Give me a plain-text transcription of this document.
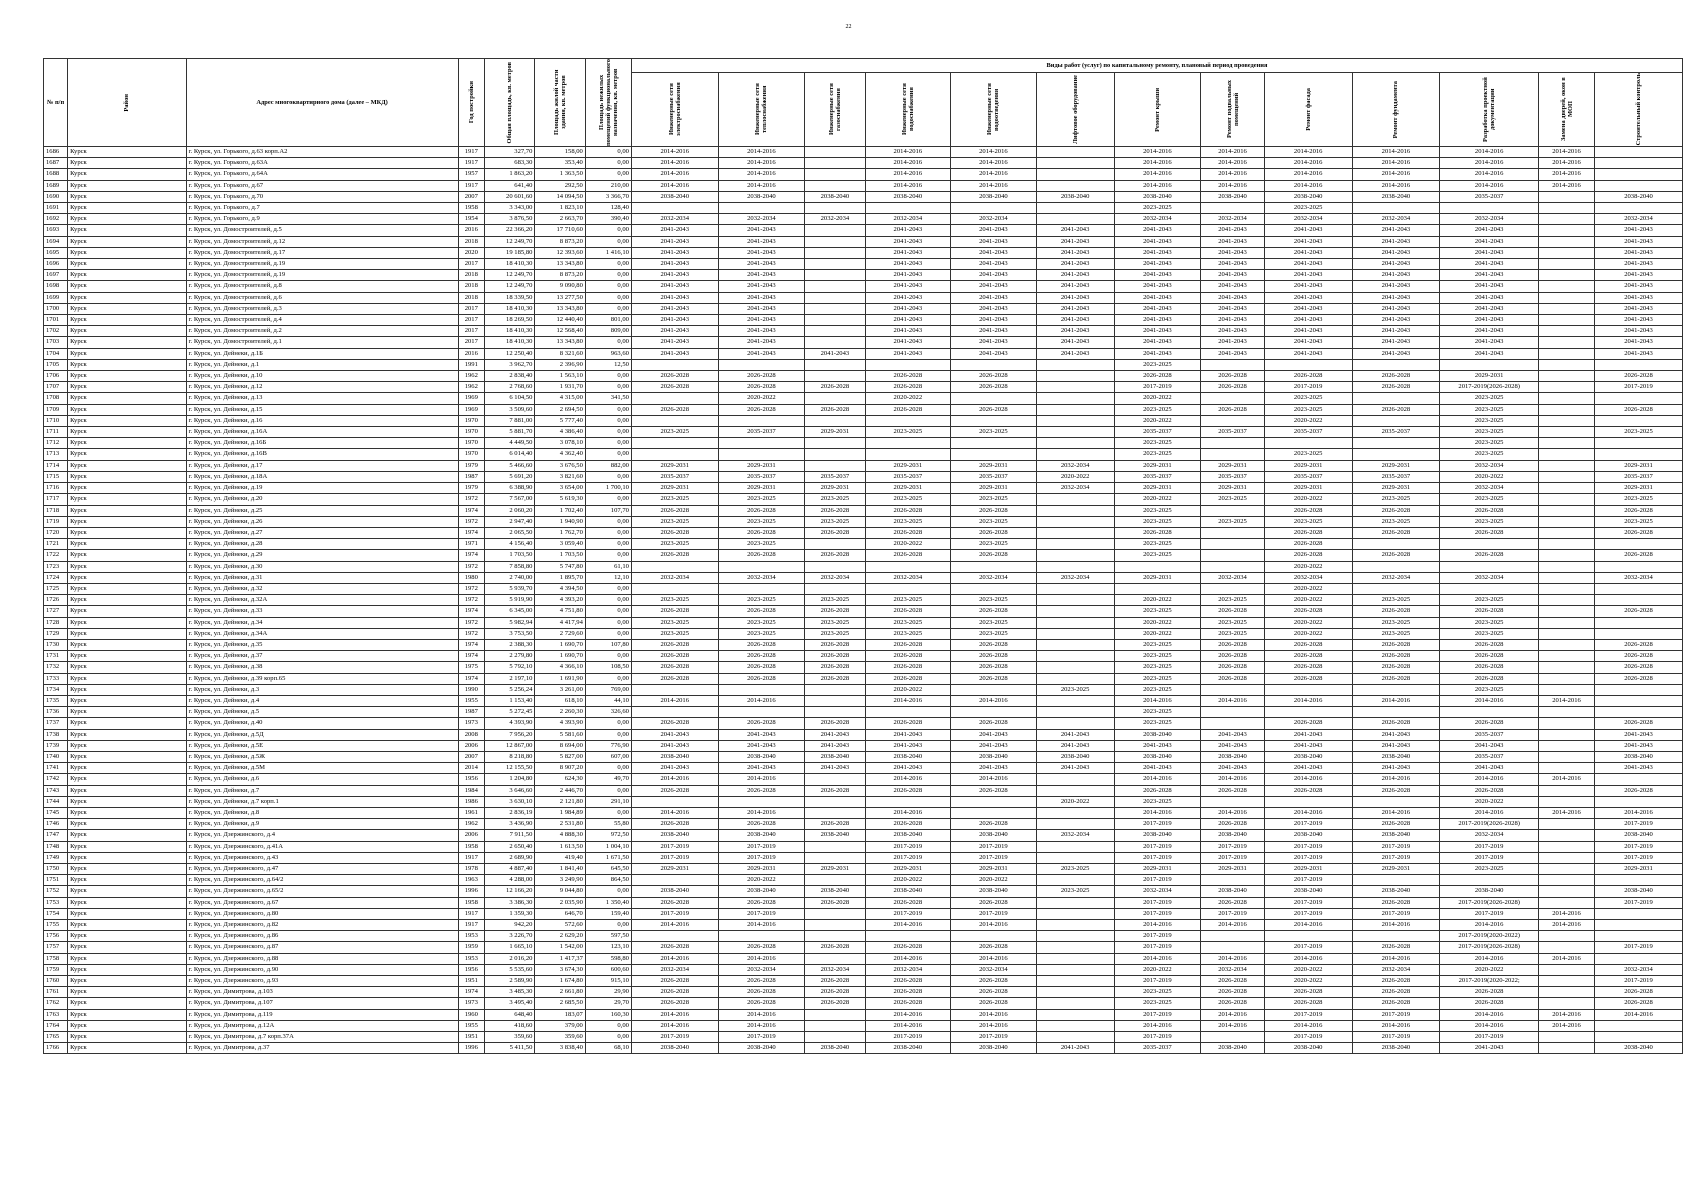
22
№ п/п	Район	Адрес многоквартирного дома (далее – МКД)	Год постройки	Общая площадь, кв. метров	Площадь жилой части здания, кв. метров	Площадь нежилых помещений функционального назначения, кв. метров	Виды работ (услуг) по капитальному ремонту, плановый период проведения												

							Инженерные сети электроснабжения	Инженерные сети теплоснабжения	Инженерные сети газоснабжения	Инженерные сети водоснабжения	Инженерные сети водоотведения	Лифтовое оборудование	Ремонт крыши	Ремонт подвальных помещений	Ремонт фасада	Ремонт фундамента	Разработка проектной документации	Замена дверей, окон в МОП	Строительный контроль

1686	Курск	г. Курск, ул. Горького, д.63 корп.А2	1917	327,70	158,00	0,00	2014-2016	2014-2016		2014-2016	2014-2016		2014-2016	2014-2016	2014-2016	2014-2016	2014-2016	2014-2016	
1687	Курск	г. Курск, ул. Горького, д.63А	1917	683,30	353,40	0,00	2014-2016	2014-2016		2014-2016	2014-2016		2014-2016	2014-2016	2014-2016	2014-2016	2014-2016	2014-2016	
1688	Курск	г. Курск, ул. Горького, д.64А	1957	1 863,20	1 363,50	0,00	2014-2016	2014-2016		2014-2016	2014-2016		2014-2016	2014-2016	2014-2016	2014-2016	2014-2016	2014-2016	
1689	Курск	г. Курск, ул. Горького, д.67	1917	641,40	292,50	210,00	2014-2016	2014-2016		2014-2016	2014-2016		2014-2016	2014-2016	2014-2016	2014-2016	2014-2016	2014-2016	
1690	Курск	г. Курск, ул. Горького, д.70	2007	20 601,60	14 094,50	3 366,70	2038-2040	2038-2040	2038-2040	2038-2040	2038-2040	2038-2040	2038-2040	2038-2040	2038-2040	2038-2040	2035-2037		2038-2040
1691	Курск	г. Курск, ул. Горького, д.7	1958	3 343,00	1 823,10	128,40							2023-2025		2023-2025				
1692	Курск	г. Курск, ул. Горького, д.9	1954	3 876,50	2 663,70	390,40	2032-2034	2032-2034	2032-2034	2032-2034	2032-2034		2032-2034	2032-2034	2032-2034	2032-2034	2032-2034		2032-2034
1693	Курск	г. Курск, ул. Домостроителей, д.5	2016	22 366,20	17 710,60	0,00	2041-2043	2041-2043		2041-2043	2041-2043	2041-2043	2041-2043	2041-2043	2041-2043	2041-2043	2041-2043		2041-2043
1694	Курск	г. Курск, ул. Домостроителей, д.12	2018	12 249,70	8 873,20	0,00	2041-2043	2041-2043		2041-2043	2041-2043	2041-2043	2041-2043	2041-2043	2041-2043	2041-2043	2041-2043		2041-2043
1695	Курск	г. Курск, ул. Домостроителей, д.17	2020	19 185,80	12 393,60	1 416,10	2041-2043	2041-2043		2041-2043	2041-2043	2041-2043	2041-2043	2041-2043	2041-2043	2041-2043	2041-2043		2041-2043
1696	Курск	г. Курск, ул. Домостроителей, д.19	2017	18 410,30	13 343,80	0,00	2041-2043	2041-2043		2041-2043	2041-2043	2041-2043	2041-2043	2041-2043	2041-2043	2041-2043	2041-2043		2041-2043
1697	Курск	г. Курск, ул. Домостроителей, д.19	2018	12 249,70	8 873,20	0,00	2041-2043	2041-2043		2041-2043	2041-2043	2041-2043	2041-2043	2041-2043	2041-2043	2041-2043	2041-2043		2041-2043
1698	Курск	г. Курск, ул. Домостроителей, д.8	2018	12 249,70	9 090,80	0,00	2041-2043	2041-2043		2041-2043	2041-2043	2041-2043	2041-2043	2041-2043	2041-2043	2041-2043	2041-2043		2041-2043
1699	Курск	г. Курск, ул. Домостроителей, д.6	2018	18 339,50	13 277,50	0,00	2041-2043	2041-2043		2041-2043	2041-2043	2041-2043	2041-2043	2041-2043	2041-2043	2041-2043	2041-2043		2041-2043
1700	Курск	г. Курск, ул. Домостроителей, д.3	2017	18 410,30	13 343,80	0,00	2041-2043	2041-2043		2041-2043	2041-2043	2041-2043	2041-2043	2041-2043	2041-2043	2041-2043	2041-2043		2041-2043
1701	Курск	г. Курск, ул. Домостроителей, д.4	2017	18 269,50	12 440,40	801,00	2041-2043	2041-2043		2041-2043	2041-2043	2041-2043	2041-2043	2041-2043	2041-2043	2041-2043	2041-2043		2041-2043
1702	Курск	г. Курск, ул. Домостроителей, д.2	2017	18 410,30	12 568,40	809,00	2041-2043	2041-2043		2041-2043	2041-2043	2041-2043	2041-2043	2041-2043	2041-2043	2041-2043	2041-2043		2041-2043
1703	Курск	г. Курск, ул. Домостроителей, д.1	2017	18 410,30	13 343,80	0,00	2041-2043	2041-2043		2041-2043	2041-2043	2041-2043	2041-2043	2041-2043	2041-2043	2041-2043	2041-2043		2041-2043
1704	Курск	г. Курск, ул. Дейнеки, д.1Б	2016	12 250,40	8 321,60	963,60	2041-2043	2041-2043	2041-2043	2041-2043	2041-2043	2041-2043	2041-2043	2041-2043	2041-2043	2041-2043	2041-2043		2041-2043
1705	Курск	г. Курск, ул. Дейнеки, д.1	1991	3 962,70	2 396,90	12,50							2023-2025						
1706	Курск	г. Курск, ул. Дейнеки, д.10	1962	2 838,40	1 563,10	0,00	2026-2028	2026-2028		2026-2028	2026-2028		2026-2028	2026-2028	2026-2028	2026-2028	2029-2031		2026-2028
1707	Курск	г. Курск, ул. Дейнеки, д.12	1962	2 768,60	1 931,70	0,00	2026-2028	2026-2028	2026-2028	2026-2028	2026-2028		2017-2019	2026-2028	2017-2019	2026-2028	2017-2019(2026-2028)		2017-2019
1708	Курск	г. Курск, ул. Дейнеки, д.13	1969	6 104,50	4 315,00	341,50		2020-2022		2020-2022			2020-2022		2023-2025		2023-2025		
1709	Курск	г. Курск, ул. Дейнеки, д.15	1969	3 509,60	2 694,50	0,00	2026-2028	2026-2028	2026-2028	2026-2028	2026-2028		2023-2025	2026-2028	2023-2025	2026-2028	2023-2025		2026-2028
1710	Курск	г. Курск, ул. Дейнеки, д.16	1970	7 881,00	5 777,40	0,00							2020-2022		2020-2022		2023-2025		
1711	Курск	г. Курск, ул. Дейнеки, д.16А	1970	5 881,70	4 386,40	0,00	2023-2025	2035-2037	2029-2031	2023-2025	2023-2025		2035-2037	2035-2037	2035-2037	2035-2037	2023-2025		2023-2025
1712	Курск	г. Курск, ул. Дейнеки, д.16Б	1970	4 449,50	3 078,10	0,00							2023-2025				2023-2025		
1713	Курск	г. Курск, ул. Дейнеки, д.16В	1970	6 014,40	4 362,40	0,00							2023-2025		2023-2025		2023-2025		
1714	Курск	г. Курск, ул. Дейнеки, д.17	1979	5 466,60	3 676,50	882,00	2029-2031	2029-2031		2029-2031	2029-2031	2032-2034	2029-2031	2029-2031	2029-2031	2029-2031	2032-2034		2029-2031
1715	Курск	г. Курск, ул. Дейнеки, д.18А	1987	5 691,20	3 821,60	0,00	2035-2037	2035-2037	2035-2037	2035-2037	2035-2037	2020-2022	2035-2037	2035-2037	2035-2037	2035-2037	2020-2022		2035-2037
1716	Курск	г. Курск, ул. Дейнеки, д.19	1979	6 388,90	3 654,00	1 700,10	2029-2031	2029-2031	2029-2031	2029-2031	2029-2031	2032-2034	2029-2031	2029-2031	2029-2031	2029-2031	2032-2034		2029-2031
1717	Курск	г. Курск, ул. Дейнеки, д.20	1972	7 567,00	5 619,30	0,00	2023-2025	2023-2025	2023-2025	2023-2025	2023-2025		2020-2022	2023-2025	2020-2022	2023-2025	2023-2025		2023-2025
1718	Курск	г. Курск, ул. Дейнеки, д.25	1974	2 060,20	1 702,40	107,70	2026-2028	2026-2028	2026-2028	2026-2028	2026-2028		2023-2025		2026-2028	2026-2028	2026-2028		2026-2028
1719	Курск	г. Курск, ул. Дейнеки, д.26	1972	2 947,40	1 940,90	0,00	2023-2025	2023-2025	2023-2025	2023-2025	2023-2025		2023-2025	2023-2025	2023-2025	2023-2025	2023-2025		2023-2025
1720	Курск	г. Курск, ул. Дейнеки, д.27	1974	2 065,50	1 762,70	0,00	2026-2028	2026-2028	2026-2028	2026-2028	2026-2028		2026-2028		2026-2028	2026-2028	2026-2028		2026-2028
1721	Курск	г. Курск, ул. Дейнеки, д.28	1971	4 156,40	3 059,40	0,00	2023-2025	2023-2025		2020-2022	2023-2025		2023-2025		2026-2028				
1722	Курск	г. Курск, ул. Дейнеки, д.29	1974	1 703,50	1 703,50	0,00	2026-2028	2026-2028	2026-2028	2026-2028	2026-2028		2023-2025		2026-2028	2026-2028	2026-2028		2026-2028
1723	Курск	г. Курск, ул. Дейнеки, д.30	1972	7 858,80	5 747,80	61,10									2020-2022				
1724	Курск	г. Курск, ул. Дейнеки, д.31	1980	2 740,00	1 895,70	12,10	2032-2034	2032-2034	2032-2034	2032-2034	2032-2034	2032-2034	2029-2031	2032-2034	2032-2034	2032-2034	2032-2034		2032-2034
1725	Курск	г. Курск, ул. Дейнеки, д.32	1972	5 939,70	4 394,50	0,00									2020-2022				
1726	Курск	г. Курск, ул. Дейнеки, д.32А	1972	5 919,90	4 393,20	0,00	2023-2025	2023-2025	2023-2025	2023-2025	2023-2025		2020-2022	2023-2025	2020-2022	2023-2025	2023-2025		
1727	Курск	г. Курск, ул. Дейнеки, д.33	1974	6 345,00	4 751,80	0,00	2026-2028	2026-2028	2026-2028	2026-2028	2026-2028		2023-2025	2026-2028	2026-2028	2026-2028	2026-2028		2026-2028
1728	Курск	г. Курск, ул. Дейнеки, д.34	1972	5 982,94	4 417,94	0,00	2023-2025	2023-2025	2023-2025	2023-2025	2023-2025		2020-2022	2023-2025	2020-2022	2023-2025	2023-2025		
1729	Курск	г. Курск, ул. Дейнеки, д.34А	1972	3 753,50	2 729,60	0,00	2023-2025	2023-2025	2023-2025	2023-2025	2023-2025		2020-2022	2023-2025	2020-2022	2023-2025	2023-2025		
1730	Курск	г. Курск, ул. Дейнеки, д.35	1974	2 388,30	1 690,70	107,80	2026-2028	2026-2028	2026-2028	2026-2028	2026-2028		2023-2025	2026-2028	2026-2028	2026-2028	2026-2028		2026-2028
1731	Курск	г. Курск, ул. Дейнеки, д.37	1974	2 279,80	1 690,70	0,00	2026-2028	2026-2028	2026-2028	2026-2028	2026-2028		2023-2025	2026-2028	2026-2028	2026-2028	2026-2028		2026-2028
1732	Курск	г. Курск, ул. Дейнеки, д.38	1975	5 792,10	4 366,10	108,50	2026-2028	2026-2028	2026-2028	2026-2028	2026-2028		2023-2025	2026-2028	2026-2028	2026-2028	2026-2028		2026-2028
1733	Курск	г. Курск, ул. Дейнеки, д.39 корп.65	1974	2 197,10	1 691,90	0,00	2026-2028	2026-2028	2026-2028	2026-2028	2026-2028		2023-2025	2026-2028	2026-2028	2026-2028	2026-2028		2026-2028
1734	Курск	г. Курск, ул. Дейнеки, д.3	1990	5 256,24	3 261,00	769,00				2020-2022		2023-2025	2023-2025				2023-2025		
1735	Курск	г. Курск, ул. Дейнеки, д.4	1955	1 153,40	618,10	44,10	2014-2016	2014-2016		2014-2016	2014-2016		2014-2016	2014-2016	2014-2016	2014-2016	2014-2016	2014-2016	
1736	Курск	г. Курск, ул. Дейнеки, д.5	1987	5 272,45	2 260,30	326,60							2023-2025						
1737	Курск	г. Курск, ул. Дейнеки, д.40	1973	4 393,90	4 393,90	0,00	2026-2028	2026-2028	2026-2028	2026-2028	2026-2028		2023-2025		2026-2028	2026-2028	2026-2028		2026-2028
1738	Курск	г. Курск, ул. Дейнеки, д.5Д	2008	7 956,20	5 581,60	0,00	2041-2043	2041-2043	2041-2043	2041-2043	2041-2043	2041-2043	2038-2040	2041-2043	2041-2043	2041-2043	2035-2037		2041-2043
1739	Курск	г. Курск, ул. Дейнеки, д.5Е	2006	12 867,00	8 694,00	776,90	2041-2043	2041-2043	2041-2043	2041-2043	2041-2043	2041-2043	2041-2043	2041-2043	2041-2043	2041-2043	2041-2043		2041-2043
1740	Курск	г. Курск, ул. Дейнеки, д.5Ж	2007	8 218,80	5 827,00	607,00	2038-2040	2038-2040	2038-2040	2038-2040	2038-2040	2038-2040	2038-2040	2038-2040	2038-2040	2038-2040	2035-2037		2038-2040
1741	Курск	г. Курск, ул. Дейнеки, д.5М	2014	12 155,50	8 907,20	0,00	2041-2043	2041-2043	2041-2043	2041-2043	2041-2043	2041-2043	2041-2043	2041-2043	2041-2043	2041-2043	2041-2043		2041-2043
1742	Курск	г. Курск, ул. Дейнеки, д.6	1956	1 204,80	624,30	49,70	2014-2016	2014-2016		2014-2016	2014-2016		2014-2016	2014-2016	2014-2016	2014-2016	2014-2016	2014-2016	
1743	Курск	г. Курск, ул. Дейнеки, д.7	1984	3 646,60	2 446,70	0,00	2026-2028	2026-2028	2026-2028	2026-2028	2026-2028		2026-2028	2026-2028	2026-2028	2026-2028	2026-2028		2026-2028
1744	Курск	г. Курск, ул. Дейнеки, д.7 корп.1	1986	3 630,10	2 121,80	291,10						2020-2022	2023-2025				2020-2022		
1745	Курск	г. Курск, ул. Дейнеки, д.8	1961	2 836,19	1 984,89	0,00	2014-2016	2014-2016		2014-2016			2014-2016	2014-2016	2014-2016	2014-2016	2014-2016	2014-2016	2014-2016
1746	Курск	г. Курск, ул. Дейнеки, д.9	1962	3 436,90	2 531,80	55,80	2026-2028	2026-2028	2026-2028	2026-2028	2026-2028		2017-2019	2026-2028	2017-2019	2026-2028	2017-2019(2026-2028)		2017-2019
1747	Курск	г. Курск, ул. Дзержинского, д.4	2006	7 911,50	4 888,30	972,50	2038-2040	2038-2040	2038-2040	2038-2040	2038-2040	2032-2034	2038-2040	2038-2040	2038-2040	2038-2040	2032-2034		2038-2040
1748	Курск	г. Курск, ул. Дзержинского, д.41А	1958	2 650,40	1 613,50	1 004,10	2017-2019	2017-2019		2017-2019	2017-2019		2017-2019	2017-2019	2017-2019	2017-2019	2017-2019		2017-2019
1749	Курск	г. Курск, ул. Дзержинского, д.43	1917	2 689,90	419,40	1 671,50	2017-2019	2017-2019		2017-2019	2017-2019		2017-2019	2017-2019	2017-2019	2017-2019	2017-2019		2017-2019
1750	Курск	г. Курск, ул. Дзержинского, д.47	1978	4 887,40	1 841,40	645,50	2029-2031	2029-2031	2029-2031	2029-2031	2029-2031	2023-2025	2029-2031	2029-2031	2029-2031	2029-2031	2023-2025		2029-2031
1751	Курск	г. Курск, ул. Дзержинского, д.64/2	1963	4 288,00	3 249,90	864,50		2020-2022		2020-2022	2020-2022		2017-2019		2017-2019				
1752	Курск	г. Курск, ул. Дзержинского, д.65/2	1996	12 166,20	9 044,80	0,00	2038-2040	2038-2040	2038-2040	2038-2040	2038-2040	2023-2025	2032-2034	2038-2040	2038-2040	2038-2040	2038-2040		2038-2040
1753	Курск	г. Курск, ул. Дзержинского, д.67	1958	3 386,30	2 035,90	1 350,40	2026-2028	2026-2028	2026-2028	2026-2028	2026-2028		2017-2019	2026-2028	2017-2019	2026-2028	2017-2019(2026-2028)		2017-2019
1754	Курск	г. Курск, ул. Дзержинского, д.80	1917	1 359,30	646,70	159,40	2017-2019	2017-2019		2017-2019	2017-2019		2017-2019	2017-2019	2017-2019	2017-2019	2017-2019	2014-2016	
1755	Курск	г. Курск, ул. Дзержинского, д.82	1917	942,20	572,60	0,00	2014-2016	2014-2016		2014-2016	2014-2016		2014-2016	2014-2016	2014-2016	2014-2016	2014-2016	2014-2016	
1756	Курск	г. Курск, ул. Дзержинского, д.86	1953	3 226,70	2 629,20	597,50							2017-2019				2017-2019(2020-2022)		
1757	Курск	г. Курск, ул. Дзержинского, д.87	1959	1 665,10	1 542,00	123,10	2026-2028	2026-2028	2026-2028	2026-2028	2026-2028		2017-2019		2017-2019	2026-2028	2017-2019(2026-2028)		2017-2019
1758	Курск	г. Курск, ул. Дзержинского, д.88	1953	2 016,20	1 417,37	598,80	2014-2016	2014-2016		2014-2016	2014-2016		2014-2016	2014-2016	2014-2016	2014-2016	2014-2016	2014-2016	
1759	Курск	г. Курск, ул. Дзержинского, д.90	1956	5 535,60	3 674,30	600,60	2032-2034	2032-2034	2032-2034	2032-2034	2032-2034		2020-2022	2032-2034	2020-2022	2032-2034	2020-2022		2032-2034
1760	Курск	г. Курск, ул. Дзержинского, д.93	1951	2 589,90	1 674,80	915,10	2026-2028	2026-2028	2026-2028	2026-2028	2026-2028		2017-2019	2026-2028	2020-2022	2026-2028	2017-2019(2020-2022;		2017-2019
1761	Курск	г. Курск, ул. Димитрова, д.103	1974	3 485,30	2 661,80	29,90	2026-2028	2026-2028	2026-2028	2026-2028	2026-2028		2023-2025	2026-2028	2026-2028	2026-2028	2026-2028		2026-2028
1762	Курск	г. Курск, ул. Димитрова, д.107	1973	3 495,40	2 685,50	29,70	2026-2028	2026-2028	2026-2028	2026-2028	2026-2028		2023-2025	2026-2028	2026-2028	2026-2028	2026-2028		2026-2028
1763	Курск	г. Курск, ул. Димитрова, д.119	1960	648,40	183,07	160,30	2014-2016	2014-2016		2014-2016	2014-2016		2017-2019	2014-2016	2017-2019	2017-2019	2014-2016	2014-2016	2014-2016
1764	Курск	г. Курск, ул. Димитрова, д.12А	1955	418,60	379,00	0,00	2014-2016	2014-2016		2014-2016	2014-2016		2014-2016	2014-2016	2014-2016	2014-2016	2014-2016	2014-2016	
1765	Курск	г. Курск, ул. Димитрова, д.7 корп.37А	1951	359,60	359,60	0,00	2017-2019	2017-2019		2017-2019	2017-2019		2017-2019		2017-2019	2017-2019	2017-2019		
1766	Курск	г. Курск, ул. Димитрова, д.37	1996	5 411,50	3 838,40	68,10	2038-2040	2038-2040	2038-2040	2038-2040	2038-2040	2041-2043	2035-2037	2038-2040	2038-2040	2038-2040	2041-2043		2038-2040
